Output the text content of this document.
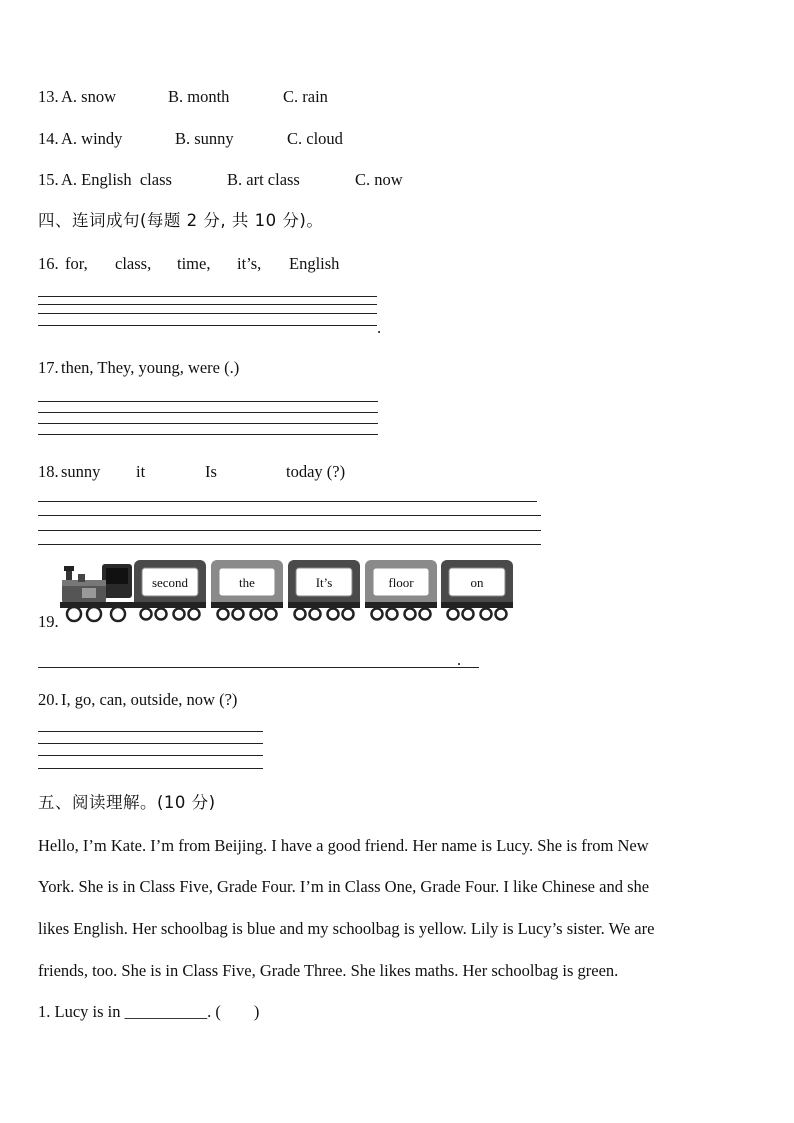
13. A. snow	B. month	C. rain
14. A. windy	B. sunny	C. cloud
15. A. English  class	B. art class	C. now
四、连词成句(每题 2 分, 共 10 分)。
16. for, class, time, it’s, English
.
17. then, They, young, were (.)
18. sunny it	Is	today (?)
19.
second	the	It’s	floor	on
.
20. I, go, can, outside, now (?)
五、阅读理解。(10 分)
Hello, I’m Kate. I’m from Beijing. I have a good friend. Her name is Lucy. She is from New
York. She is in Class Five, Grade Four. I’m in Class One, Grade Four. I like Chinese and she
likes English. Her schoolbag is blue and my schoolbag is yellow. Lily is Lucy’s sister. We are
friends, too. She is in Class Five, Grade Three. She likes maths. Her schoolbag is green.
1. Lucy is in __________. (        )
